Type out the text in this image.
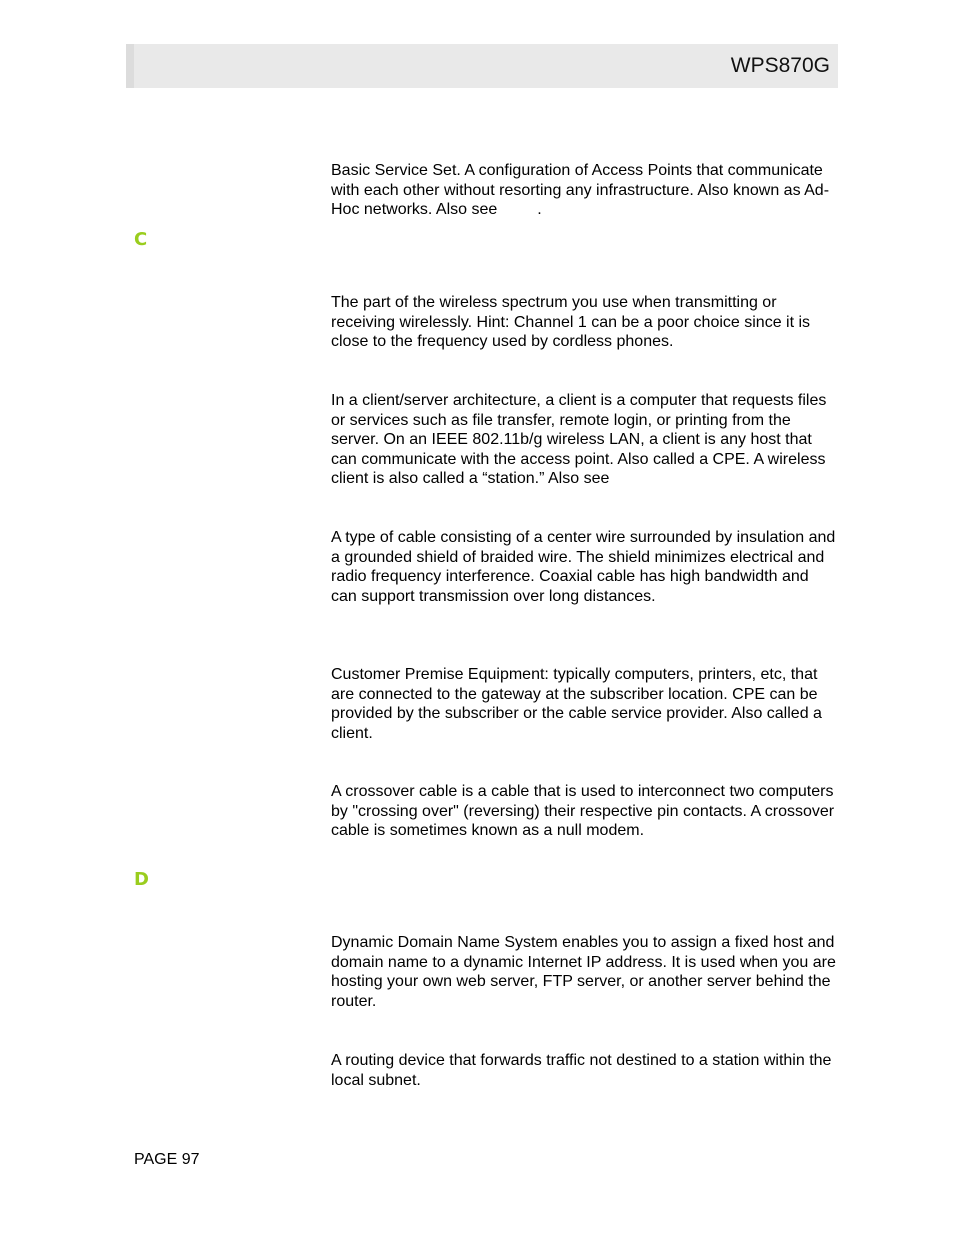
WPS870G

Basic Service Set. A configuration of Access Points that communicate with each other without resorting any infrastructure. Also known as Ad-Hoc networks. Also see	.

C

The part of the wireless spectrum you use when transmitting or receiving wirelessly. Hint: Channel 1 can be a poor choice since it is close to the frequency used by cordless phones.

In a client/server architecture, a client is a computer that requests files or services such as file transfer, remote login, or printing from the server. On an IEEE 802.11b/g wireless LAN, a client is any host that can communicate with the access point. Also called a CPE. A wireless client is also called a “station.” Also see

A type of cable consisting of a center wire surrounded by insulation and a grounded shield of braided wire. The shield minimizes electrical and radio frequency interference. Coaxial cable has high bandwidth and can support transmission over long distances.

Customer Premise Equipment: typically computers, printers, etc, that are connected to the gateway at the subscriber location. CPE can be provided by the subscriber or the cable service provider. Also called a client.

A crossover cable is a cable that is used to interconnect two computers by "crossing over" (reversing) their respective pin contacts. A crossover cable is sometimes known as a null modem.

D

Dynamic Domain Name System enables you to assign a fixed host and domain name to a dynamic Internet IP address. It is used when you are hosting your own web server, FTP server, or another server behind the router.

A routing device that forwards traffic not destined to a station within the local subnet.

PAGE 97
